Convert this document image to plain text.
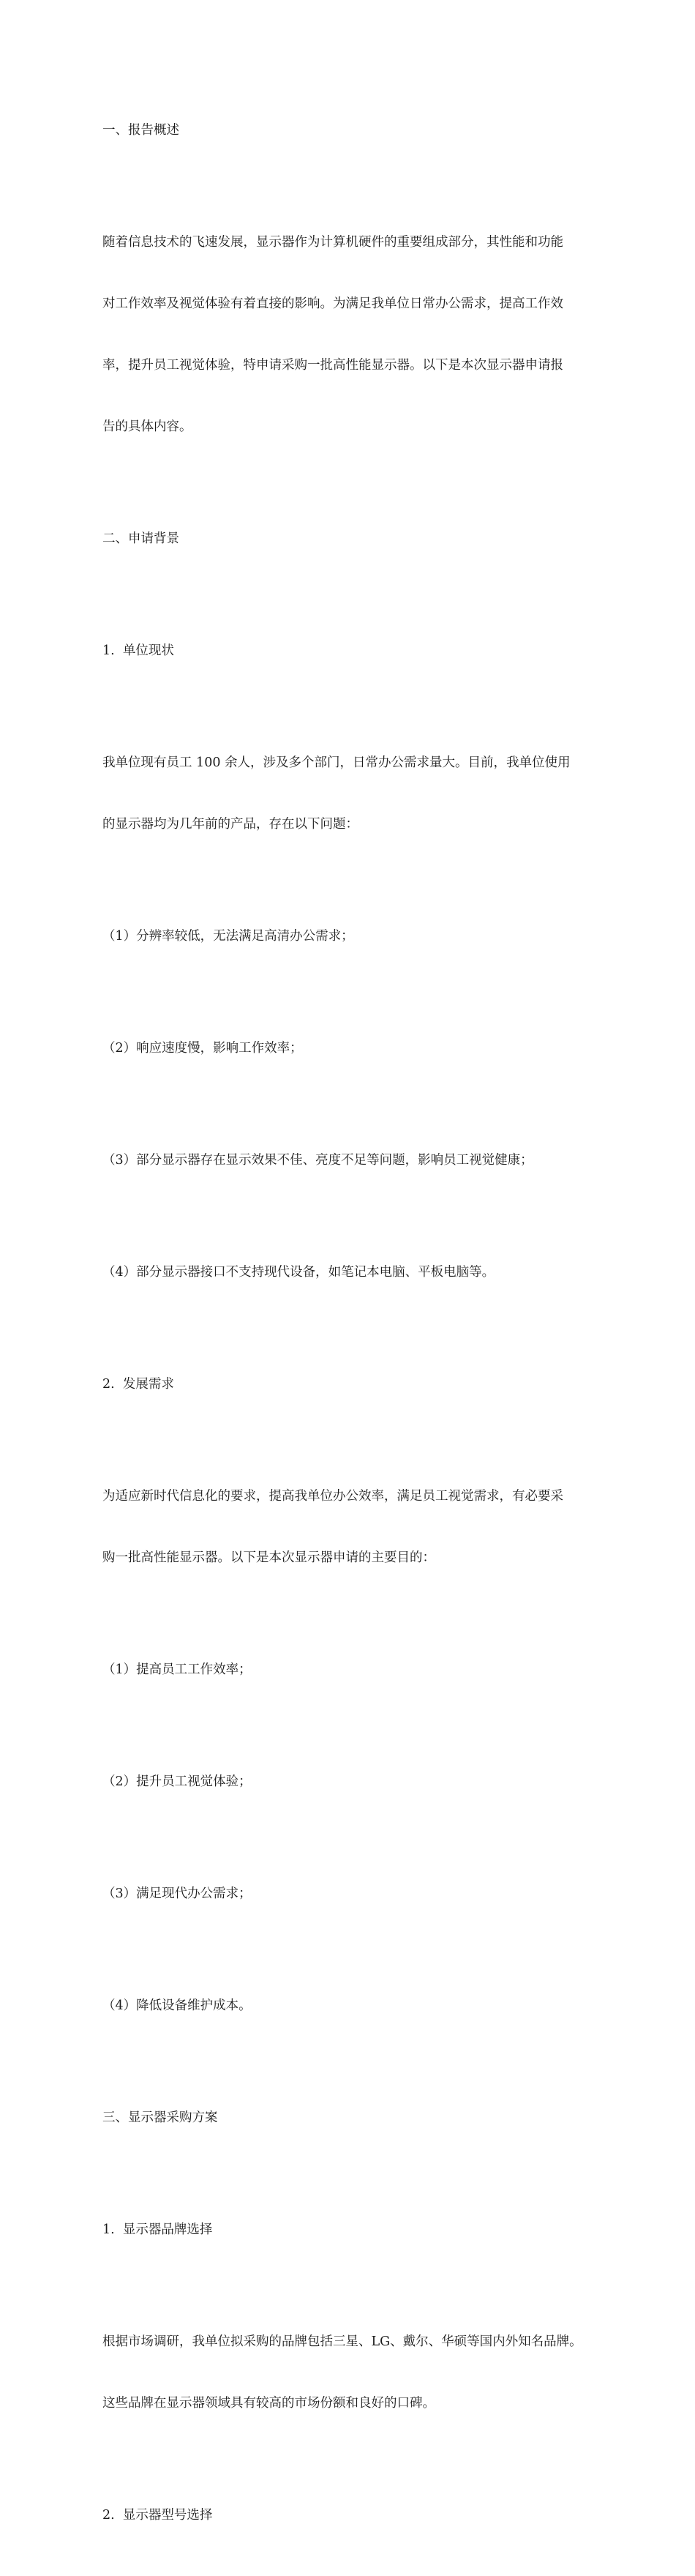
一、报告概述

随着信息技术的飞速发展，显示器作为计算机硬件的重要组成部分，其性能和功能

对工作效率及视觉体验有着直接的影响。为满足我单位日常办公需求，提高工作效

率，提升员工视觉体验，特申请采购一批高性能显示器。以下是本次显示器申请报

告的具体内容。

二、申请背景

1.  单位现状

我单位现有员工 100 余人，涉及多个部门，日常办公需求量大。目前，我单位使用

的显示器均为几年前的产品，存在以下问题：

（1）分辨率较低，无法满足高清办公需求；

（2）响应速度慢，影响工作效率；

（3）部分显示器存在显示效果不佳、亮度不足等问题，影响员工视觉健康；

（4）部分显示器接口不支持现代设备，如笔记本电脑、平板电脑等。

2.  发展需求

为适应新时代信息化的要求，提高我单位办公效率，满足员工视觉需求，有必要采

购一批高性能显示器。以下是本次显示器申请的主要目的：

（1）提高员工工作效率；

（2）提升员工视觉体验；

（3）满足现代办公需求；

（4）降低设备维护成本。

三、显示器采购方案

1.  显示器品牌选择

根据市场调研，我单位拟采购的品牌包括三星、LG、戴尔、华硕等国内外知名品牌。

这些品牌在显示器领域具有较高的市场份额和良好的口碑。

2.  显示器型号选择
